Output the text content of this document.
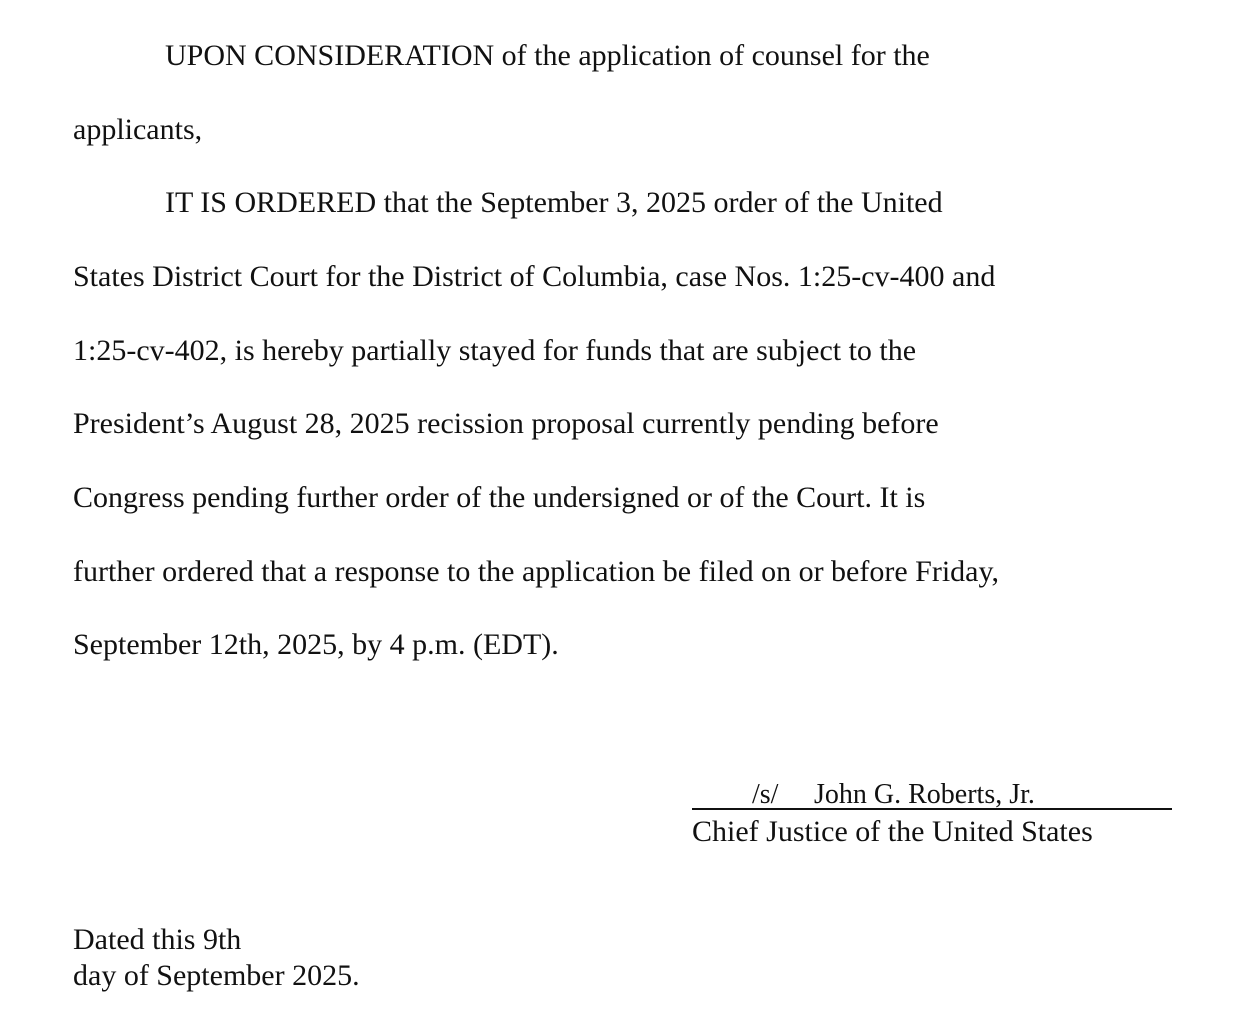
UPON CONSIDERATION of the application of counsel for the
applicants,
IT IS ORDERED that the September 3, 2025 order of the United
States District Court for the District of Columbia, case Nos. 1:25-cv-400 and
1:25-cv-402, is hereby partially stayed for funds that are subject to the
President’s August 28, 2025 recission proposal currently pending before
Congress pending further order of the undersigned or of the Court. It is
further ordered that a response to the application be filed on or before Friday,
September 12th, 2025, by 4 p.m. (EDT).
/s/ John G. Roberts, Jr.
Chief Justice of the United States
Dated this 9th
day of September 2025.
